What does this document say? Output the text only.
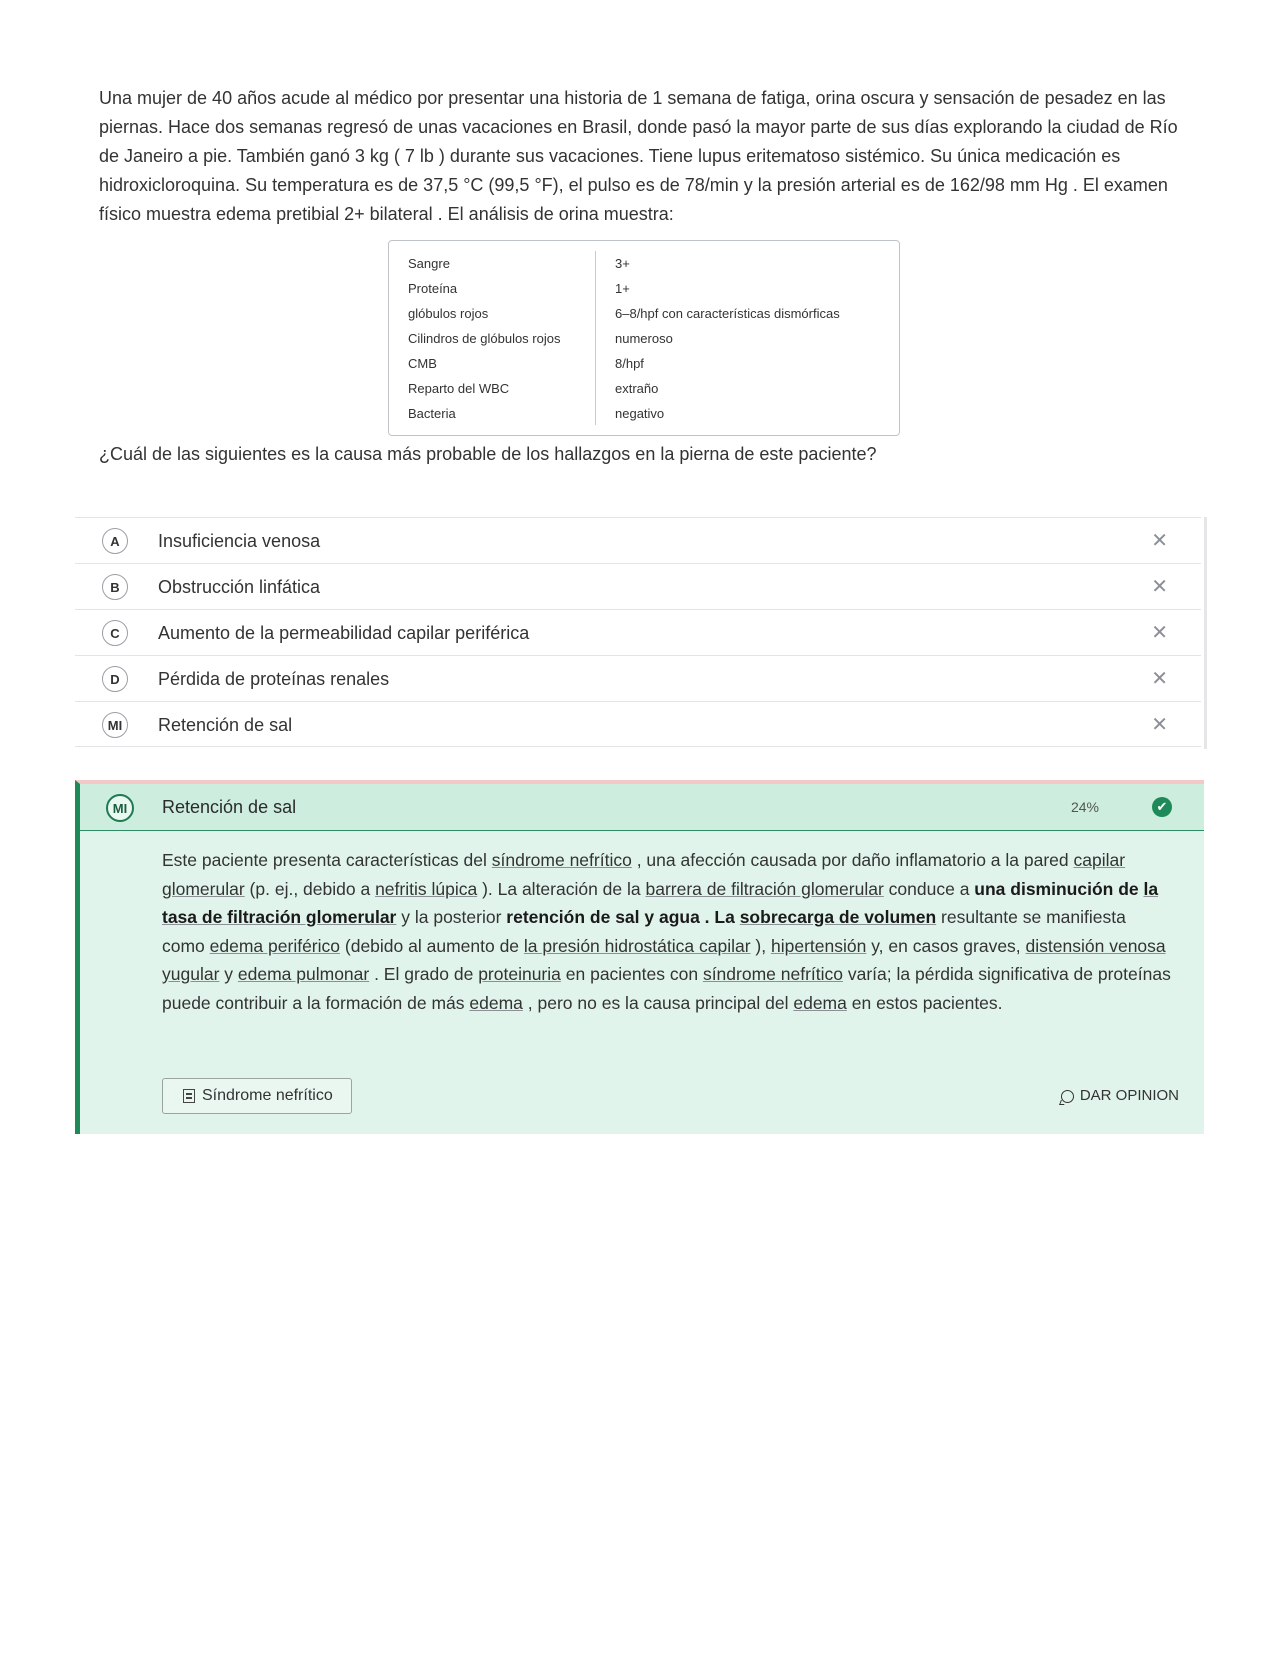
Una mujer de 40 años acude al médico por presentar una historia de 1 semana de fatiga, orina oscura y sensación de pesadez en las piernas. Hace dos semanas regresó de unas vacaciones en Brasil, donde pasó la mayor parte de sus días explorando la ciudad de Río de Janeiro a pie. También ganó 3 kg ( 7 lb ) durante sus vacaciones. Tiene lupus eritematoso sistémico. Su única medicación es hidroxicloroquina. Su temperatura es de 37,5 °C (99,5 °F), el pulso es de 78/min y la presión arterial es de 162/98 mm Hg . El examen físico muestra edema pretibial 2+ bilateral . El análisis de orina muestra:
Sangre	3+
Proteína	1+
glóbulos rojos	6–8/hpf con características dismórficas
Cilindros de glóbulos rojos	numeroso
CMB	8/hpf
Reparto del WBC	extraño
Bacteria	negativo
¿Cuál de las siguientes es la causa más probable de los hallazgos en la pierna de este paciente?
A	Insuficiencia venosa	✕
B	Obstrucción linfática	✕
C	Aumento de la permeabilidad capilar periférica	✕
D	Pérdida de proteínas renales	✕
MI	Retención de sal	✕
MI	Retención de sal	24%	✔
Este paciente presenta características del síndrome nefrítico , una afección causada por daño inflamatorio a la pared capilar glomerular (p. ej., debido a nefritis lúpica ). La alteración de la barrera de filtración glomerular conduce a una disminución de la tasa de filtración glomerular y la posterior retención de sal y agua . La sobrecarga de volumen resultante se manifiesta como edema periférico (debido al aumento de la presión hidrostática capilar ), hipertensión y, en casos graves, distensión venosa yugular y edema pulmonar . El grado de proteinuria en pacientes con síndrome nefrítico varía; la pérdida significativa de proteínas puede contribuir a la formación de más edema , pero no es la causa principal del edema en estos pacientes.
Síndrome nefrítico	DAR OPINION
